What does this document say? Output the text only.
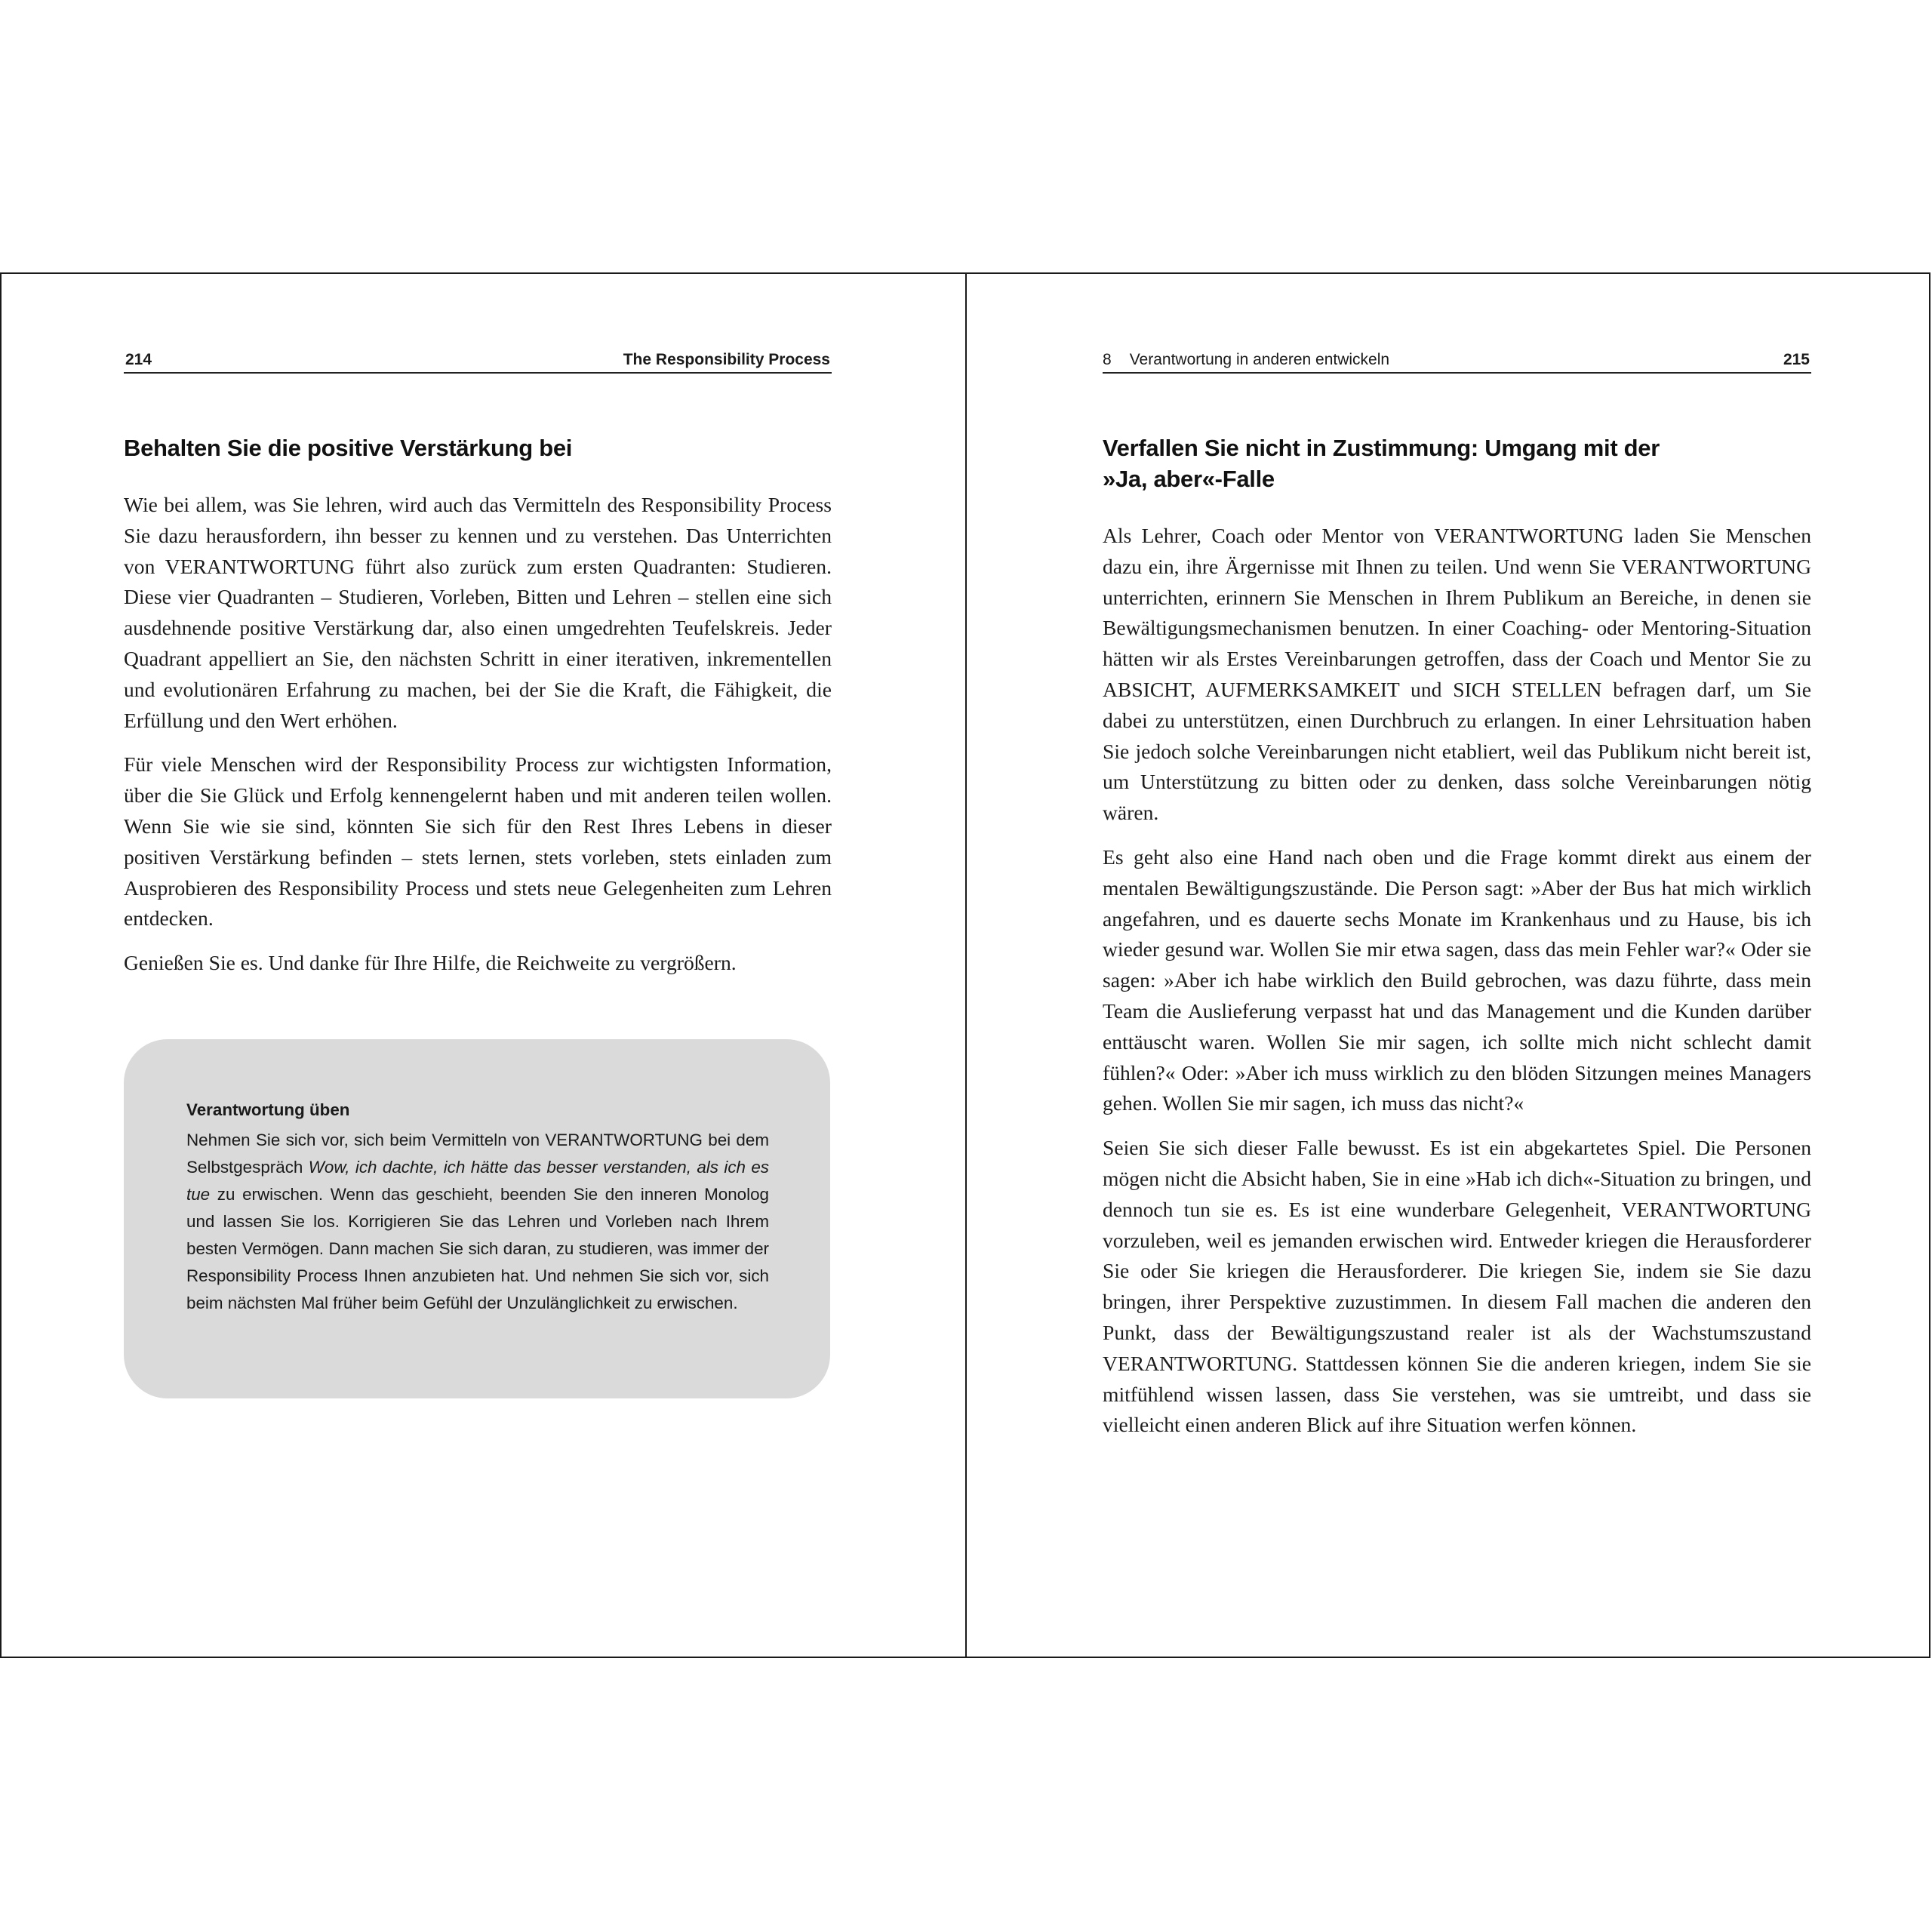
214	The Responsibility Process
Behalten Sie die positive Verstärkung bei

Wie bei allem, was Sie lehren, wird auch das Vermitteln des Responsibility Process Sie dazu herausfordern, ihn besser zu kennen und zu verstehen. Das Unterrichten von VERANTWORTUNG führt also zurück zum ersten Quadranten: Studieren. Diese vier Quadranten – Studieren, Vorleben, Bitten und Lehren – stellen eine sich ausdehnende positive Verstärkung dar, also einen umgedrehten Teufelskreis. Jeder Quadrant appelliert an Sie, den nächsten Schritt in einer iterativen, inkrementellen und evolutionären Erfahrung zu machen, bei der Sie die Kraft, die Fähigkeit, die Erfüllung und den Wert erhöhen.

Für viele Menschen wird der Responsibility Process zur wichtigsten Information, über die Sie Glück und Erfolg kennengelernt haben und mit anderen teilen wollen. Wenn Sie wie sie sind, könnten Sie sich für den Rest Ihres Lebens in dieser positiven Verstärkung befinden – stets lernen, stets vorleben, stets einladen zum Ausprobieren des Responsibility Process und stets neue Gelegenheiten zum Lehren entdecken.

Genießen Sie es. Und danke für Ihre Hilfe, die Reichweite zu vergrößern.

Verantwortung üben
Nehmen Sie sich vor, sich beim Vermitteln von VERANTWORTUNG bei dem Selbstgespräch Wow, ich dachte, ich hätte das besser verstanden, als ich es tue zu erwischen. Wenn das geschieht, beenden Sie den inneren Monolog und lassen Sie los. Korrigieren Sie das Lehren und Vorleben nach Ihrem besten Vermögen. Dann machen Sie sich daran, zu studieren, was immer der Responsibility Process Ihnen anzubieten hat. Und nehmen Sie sich vor, sich beim nächsten Mal früher beim Gefühl der Unzulänglichkeit zu erwischen.
8 Verantwortung in anderen entwickeln	215
Verfallen Sie nicht in Zustimmung: Umgang mit der
»Ja, aber«-Falle

Als Lehrer, Coach oder Mentor von VERANTWORTUNG laden Sie Menschen dazu ein, ihre Ärgernisse mit Ihnen zu teilen. Und wenn Sie VERANTWORTUNG unterrichten, erinnern Sie Menschen in Ihrem Publikum an Bereiche, in denen sie Bewältigungsmechanismen benutzen. In einer Coaching- oder Mentoring-Situation hätten wir als Erstes Vereinbarungen getroffen, dass der Coach und Mentor Sie zu ABSICHT, AUFMERKSAMKEIT und SICH STELLEN befragen darf, um Sie dabei zu unterstützen, einen Durchbruch zu erlangen. In einer Lehrsituation haben Sie jedoch solche Vereinbarungen nicht etabliert, weil das Publikum nicht bereit ist, um Unterstützung zu bitten oder zu denken, dass solche Vereinbarungen nötig wären.

Es geht also eine Hand nach oben und die Frage kommt direkt aus einem der mentalen Bewältigungszustände. Die Person sagt: »Aber der Bus hat mich wirklich angefahren, und es dauerte sechs Monate im Krankenhaus und zu Hause, bis ich wieder gesund war. Wollen Sie mir etwa sagen, dass das mein Fehler war?« Oder sie sagen: »Aber ich habe wirklich den Build gebrochen, was dazu führte, dass mein Team die Auslieferung verpasst hat und das Management und die Kunden darüber enttäuscht waren. Wollen Sie mir sagen, ich sollte mich nicht schlecht damit fühlen?« Oder: »Aber ich muss wirklich zu den blöden Sitzungen meines Managers gehen. Wollen Sie mir sagen, ich muss das nicht?«

Seien Sie sich dieser Falle bewusst. Es ist ein abgekartetes Spiel. Die Personen mögen nicht die Absicht haben, Sie in eine »Hab ich dich«-Situation zu bringen, und dennoch tun sie es. Es ist eine wunderbare Gelegenheit, VERANTWORTUNG vorzuleben, weil es jemanden erwischen wird. Entweder kriegen die Herausforderer Sie oder Sie kriegen die Herausforderer. Die kriegen Sie, indem sie Sie dazu bringen, ihrer Perspektive zuzustimmen. In diesem Fall machen die anderen den Punkt, dass der Bewältigungszustand realer ist als der Wachstumszustand VERANTWORTUNG. Stattdessen können Sie die anderen kriegen, indem Sie sie mitfühlend wissen lassen, dass Sie verstehen, was sie umtreibt, und dass sie vielleicht einen anderen Blick auf ihre Situation werfen können.
